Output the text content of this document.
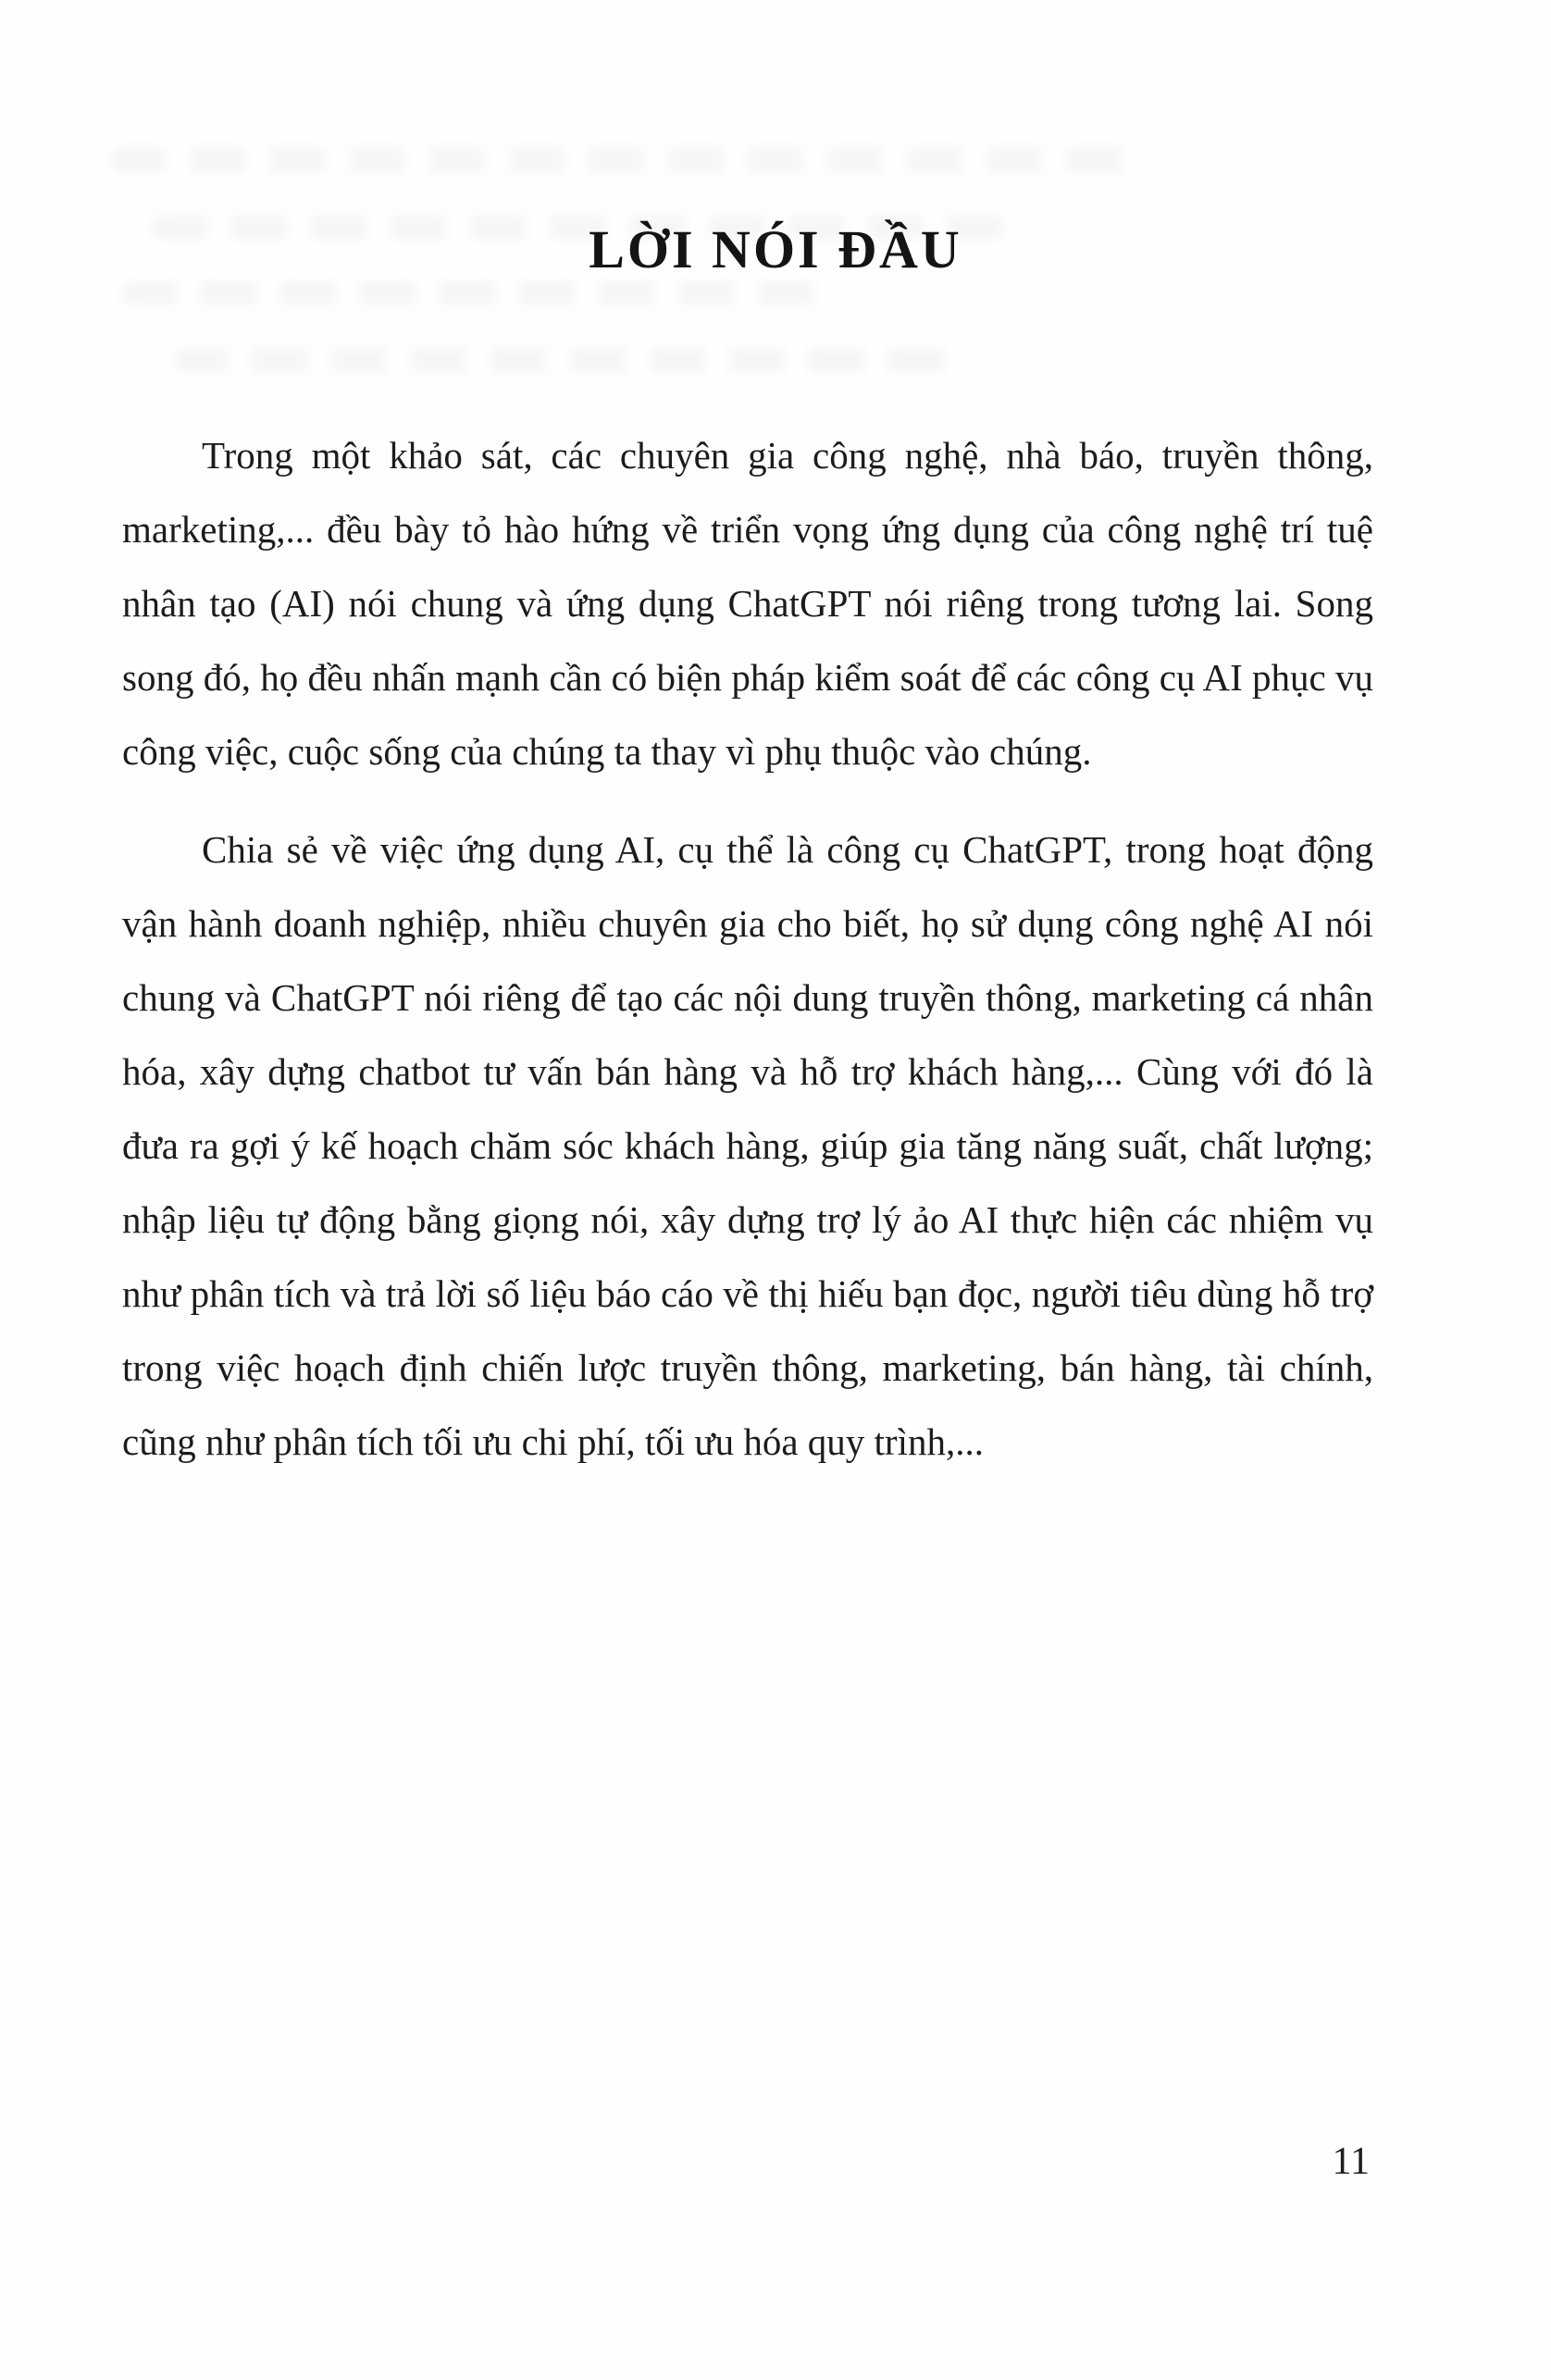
LỜI NÓI ĐẦU

Trong một khảo sát, các chuyên gia công nghệ, nhà báo, truyền thông, marketing,... đều bày tỏ hào hứng về triển vọng ứng dụng của công nghệ trí tuệ nhân tạo (AI) nói chung và ứng dụng ChatGPT nói riêng trong tương lai. Song song đó, họ đều nhấn mạnh cần có biện pháp kiểm soát để các công cụ AI phục vụ công việc, cuộc sống của chúng ta thay vì phụ thuộc vào chúng.

Chia sẻ về việc ứng dụng AI, cụ thể là công cụ ChatGPT, trong hoạt động vận hành doanh nghiệp, nhiều chuyên gia cho biết, họ sử dụng công nghệ AI nói chung và ChatGPT nói riêng để tạo các nội dung truyền thông, marketing cá nhân hóa, xây dựng chatbot tư vấn bán hàng và hỗ trợ khách hàng,... Cùng với đó là đưa ra gợi ý kế hoạch chăm sóc khách hàng, giúp gia tăng năng suất, chất lượng; nhập liệu tự động bằng giọng nói, xây dựng trợ lý ảo AI thực hiện các nhiệm vụ như phân tích và trả lời số liệu báo cáo về thị hiếu bạn đọc, người tiêu dùng hỗ trợ trong việc hoạch định chiến lược truyền thông, marketing, bán hàng, tài chính, cũng như phân tích tối ưu chi phí, tối ưu hóa quy trình,...

11
